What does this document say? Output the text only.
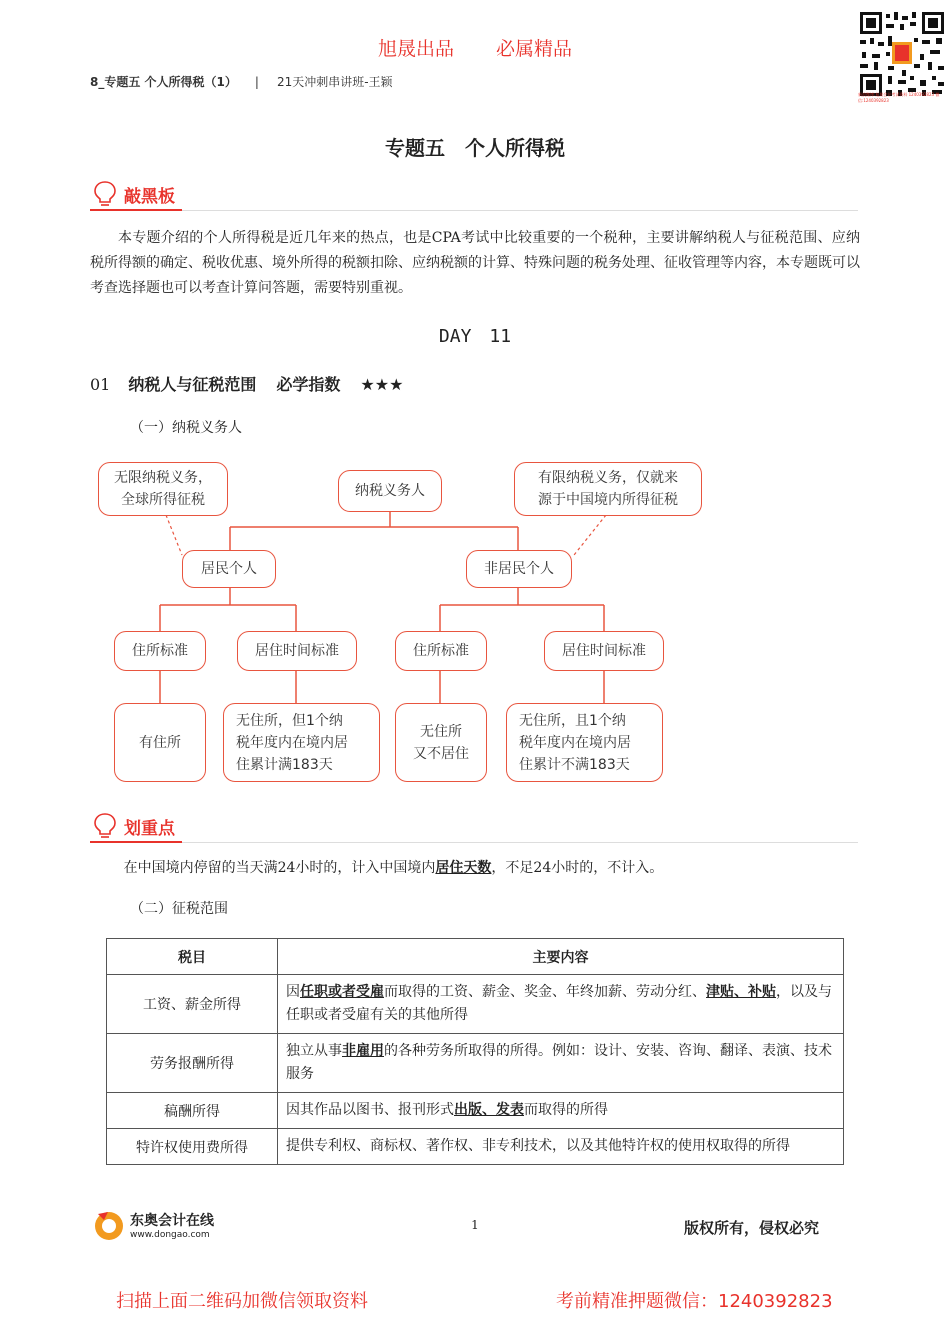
旭晟出品 必属精品
8_专题五 个人所得税（1） | 21天冲刺串讲班-王颖
新浪微博:旭晟会计考试资料 1240392823 微信:1240392823
专题五　个人所得税
敲黑板
本专题介绍的个人所得税是近几年来的热点，也是CPA考试中比较重要的一个税种，主要讲解纳税人与征税范围、应纳税所得额的确定、税收优惠、境外所得的税额扣除、应纳税额的计算、特殊问题的税务处理、征收管理等内容，本专题既可以考查选择题也可以考查计算问答题，需要特别重视。
DAY　11
01 纳税人与征税范围 必学指数 ★★★
（一）纳税义务人
无限纳税义务，
全球所得征税
纳税义务人
有限纳税义务，仅就来
源于中国境内所得征税
居民个人	非居民个人
住所标准	居住时间标准	住所标准	居住时间标准
有住所
无住所，但1个纳
税年度内在境内居
住累计满183天
无住所
又不居住
无住所，且1个纳
税年度内在境内居
住累计不满183天
划重点
在中国境内停留的当天满24小时的，计入中国境内居住天数，不足24小时的，不计入。
（二）征税范围
税目	主要内容
工资、薪金所得	因任职或者受雇而取得的工资、薪金、奖金、年终加薪、劳动分红、津贴、补贴，以及与任职或者受雇有关的其他所得
劳务报酬所得	独立从事非雇用的各种劳务所取得的所得。例如：设计、安装、咨询、翻译、表演、技术服务
稿酬所得	因其作品以图书、报刊形式出版、发表而取得的所得
特许权使用费所得	提供专利权、商标权、著作权、非专利技术，以及其他特许权的使用权取得的所得
东奥会计在线
www.dongao.com
1	版权所有，侵权必究
扫描上面二维码加微信领取资料	考前精准押题微信：1240392823
